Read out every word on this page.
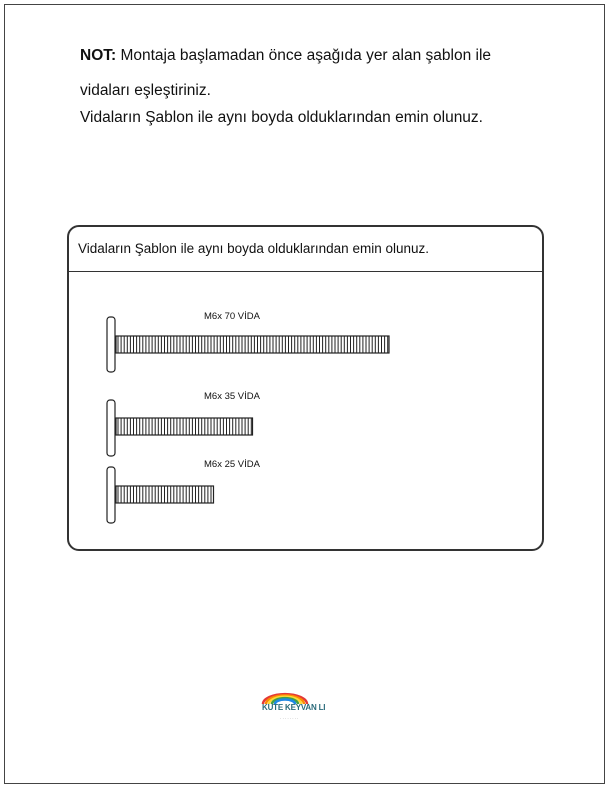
NOT: Montaja başlamadan önce aşağıda yer alan şablon ile
vidaları eşleştiriniz.
Vidaların Şablon ile aynı boyda olduklarından emin olunuz.
Vidaların Şablon ile aynı boyda olduklarından emin olunuz.
M6x 70 VİDA
M6x 35 VİDA
M6x 25 VİDA
KUTE KEYVAN LI
· · · · · · · ·
